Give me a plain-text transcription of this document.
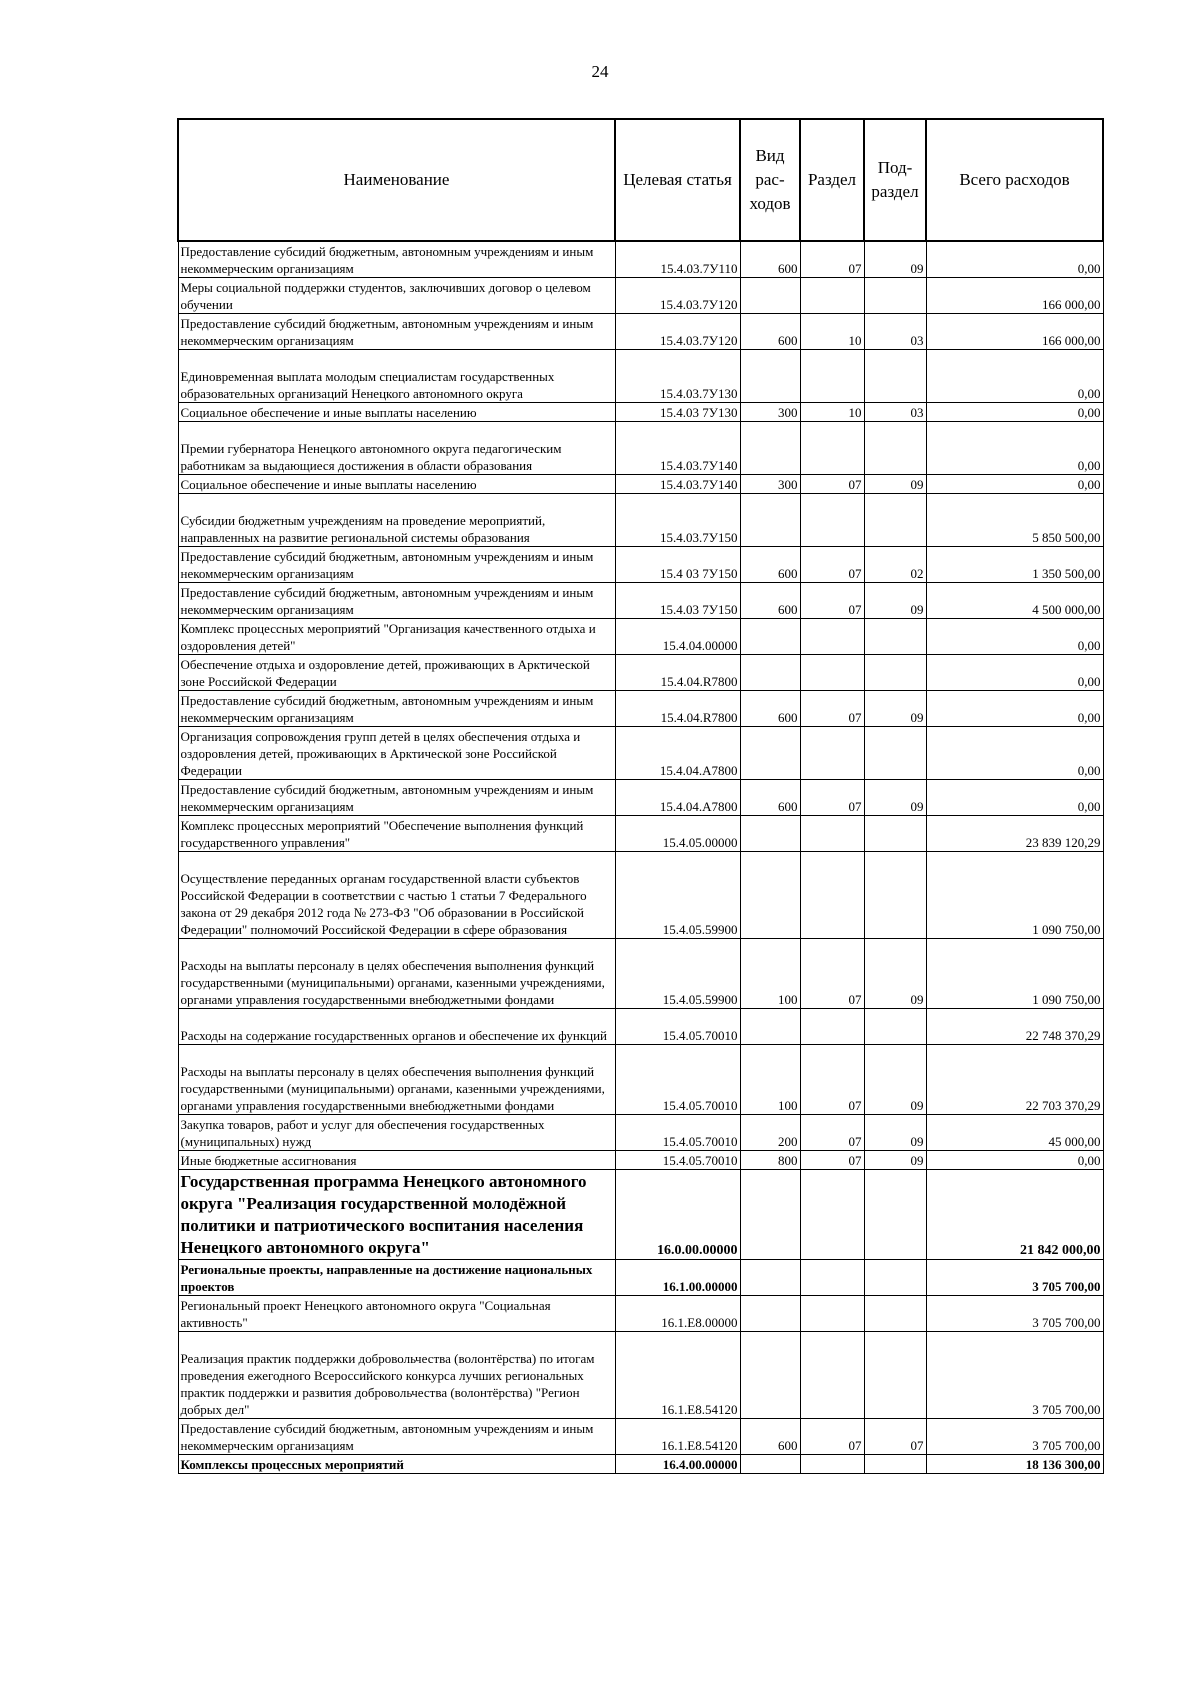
24
Наименование	Целевая статья	Вид рас- ходов	Раздел	Под- раздел	Всего расходов
Предоставление субсидий бюджетным, автономным учреждениям и иным некоммерческим организациям	15.4.03.7У110	600	07	09	0,00
Меры социальной поддержки студентов, заключивших договор о целевом обучении	15.4.03.7У120				166 000,00
Предоставление субсидий бюджетным, автономным учреждениям и иным некоммерческим организациям	15.4.03.7У120	600	10	03	166 000,00
Единовременная выплата молодым специалистам государственных образовательных организаций Ненецкого автономного округа	15.4.03.7У130				0,00
Социальное обеспечение и иные выплаты населению	15.4.03 7У130	300	10	03	0,00
Премии губернатора Ненецкого автономного округа педагогическим работникам за выдающиеся достижения в области образования	15.4.03.7У140				0,00
Социальное обеспечение и иные выплаты населению	15.4.03.7У140	300	07	09	0,00
Субсидии бюджетным учреждениям на проведение мероприятий, направленных на развитие региональной системы образования	15.4.03.7У150				5 850 500,00
Предоставление субсидий бюджетным, автономным учреждениям и иным некоммерческим организациям	15.4 03 7У150	600	07	02	1 350 500,00
Предоставление субсидий бюджетным, автономным учреждениям и иным некоммерческим организациям	15.4.03 7У150	600	07	09	4 500 000,00
Комплекс процессных мероприятий "Организация качественного отдыха и оздоровления детей"	15.4.04.00000				0,00
Обеспечение отдыха и оздоровление детей, проживающих в Арктической зоне Российской Федерации	15.4.04.R7800				0,00
Предоставление субсидий бюджетным, автономным учреждениям и иным некоммерческим организациям	15.4.04.R7800	600	07	09	0,00
Организация сопровождения групп детей в целях обеспечения отдыха и оздоровления детей, проживающих в Арктической зоне Российской Федерации	15.4.04.А7800				0,00
Предоставление субсидий бюджетным, автономным учреждениям и иным некоммерческим организациям	15.4.04.А7800	600	07	09	0,00
Комплекс процессных мероприятий "Обеспечение выполнения функций государственного управления"	15.4.05.00000				23 839 120,29
Осуществление переданных органам государственной власти субъектов Российской Федерации в соответствии с частью 1 статьи 7 Федерального закона от 29 декабря 2012 года № 273-ФЗ "Об образовании в Российской Федерации" полномочий Российской Федерации в сфере образования	15.4.05.59900				1 090 750,00
Расходы на выплаты персоналу в целях обеспечения выполнения функций государственными (муниципальными) органами, казенными учреждениями, органами управления государственными внебюджетными фондами	15.4.05.59900	100	07	09	1 090 750,00
Расходы на содержание государственных органов и обеспечение их функций	15.4.05.70010				22 748 370,29
Расходы на выплаты персоналу в целях обеспечения выполнения функций государственными (муниципальными) органами, казенными учреждениями, органами управления государственными внебюджетными фондами	15.4.05.70010	100	07	09	22 703 370,29
Закупка товаров, работ и услуг для обеспечения государственных (муниципальных) нужд	15.4.05.70010	200	07	09	45 000,00
Иные бюджетные ассигнования	15.4.05.70010	800	07	09	0,00
Государственная программа Ненецкого автономного округа "Реализация государственной молодёжной политики и патриотического воспитания населения Ненецкого автономного округа"	16.0.00.00000				21 842 000,00
Региональные проекты, направленные на достижение национальных проектов	16.1.00.00000				3 705 700,00
Региональный проект Ненецкого автономного округа "Социальная активность"	16.1.Е8.00000				3 705 700,00
Реализация практик поддержки добровольчества (волонтёрства) по итогам проведения ежегодного Всероссийского конкурса лучших региональных практик поддержки и развития добровольчества (волонтёрства) "Регион добрых дел"	16.1.Е8.54120				3 705 700,00
Предоставление субсидий бюджетным, автономным учреждениям и иным некоммерческим организациям	16.1.Е8.54120	600	07	07	3 705 700,00
Комплексы процессных мероприятий	16.4.00.00000				18 136 300,00
